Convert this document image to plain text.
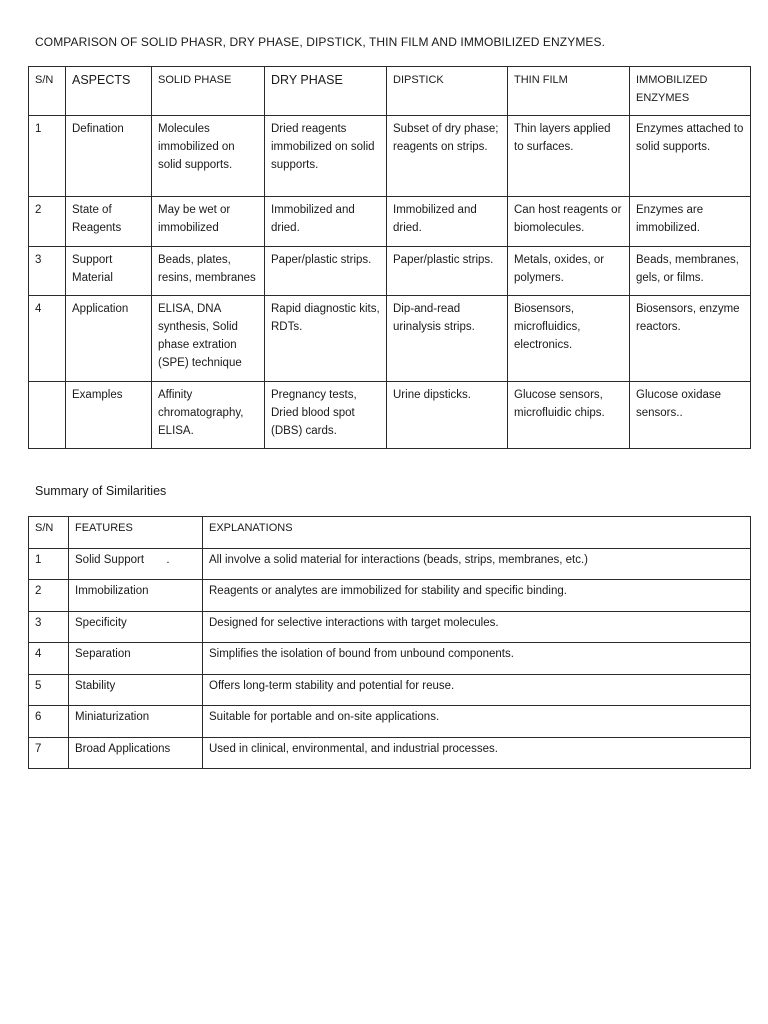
COMPARISON OF SOLID PHASR, DRY PHASE, DIPSTICK, THIN FILM AND IMMOBILIZED ENZYMES.
S/N	ASPECTS	SOLID PHASE	DRY PHASE	DIPSTICK	THIN FILM	IMMOBILIZED ENZYMES
1	Defination	Molecules immobilized on solid supports.	Dried reagents immobilized on solid supports.	Subset of dry phase; reagents on strips.	Thin layers applied to surfaces.	Enzymes attached to solid supports.
2	State of Reagents	May be wet or immobilized	Immobilized and dried.	Immobilized and dried.	Can host reagents or biomolecules.	Enzymes are immobilized.
3	Support Material	Beads, plates, resins, membranes	Paper/plastic strips.	Paper/plastic strips.	Metals, oxides, or polymers.	Beads, membranes, gels, or films.
4	Application	ELISA, DNA synthesis, Solid phase extration (SPE) technique	Rapid diagnostic kits, RDTs.	Dip-and-read urinalysis strips.	Biosensors, microfluidics, electronics.	Biosensors, enzyme reactors.
	Examples	Affinity chromatography, ELISA.	Pregnancy tests, Dried blood spot (DBS) cards.	Urine dipsticks.	Glucose sensors, microfluidic chips.	Glucose oxidase sensors..
Summary of Similarities
S/N	FEATURES	EXPLANATIONS
1	Solid Support       .	All involve a solid material for interactions (beads, strips, membranes, etc.)
2	Immobilization	Reagents or analytes are immobilized for stability and specific binding.
3	Specificity	Designed for selective interactions with target molecules.
4	Separation	Simplifies the isolation of bound from unbound components.
5	Stability	Offers long-term stability and potential for reuse.
6	Miniaturization	Suitable for portable and on-site applications.
7	Broad Applications	Used in clinical, environmental, and industrial processes.
